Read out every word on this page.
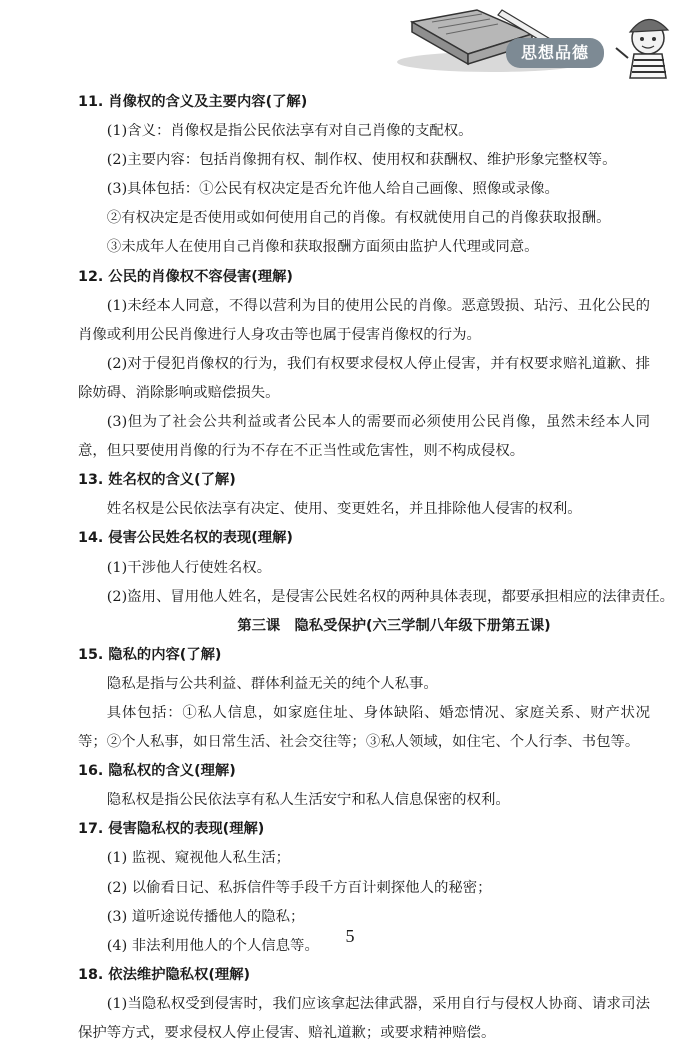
思想品德
11. 肖像权的含义及主要内容(了解)
(1)含义：肖像权是指公民依法享有对自己肖像的支配权。
(2)主要内容：包括肖像拥有权、制作权、使用权和获酬权、维护形象完整权等。
(3)具体包括：①公民有权决定是否允许他人给自己画像、照像或录像。
②有权决定是否使用或如何使用自己的肖像。有权就使用自己的肖像获取报酬。
③未成年人在使用自己肖像和获取报酬方面须由监护人代理或同意。
12. 公民的肖像权不容侵害(理解)
(1)未经本人同意，不得以营利为目的使用公民的肖像。恶意毁损、玷污、丑化公民的肖像或利用公民肖像进行人身攻击等也属于侵害肖像权的行为。
(2)对于侵犯肖像权的行为，我们有权要求侵权人停止侵害，并有权要求赔礼道歉、排除妨碍、消除影响或赔偿损失。
(3)但为了社会公共利益或者公民本人的需要而必须使用公民肖像，虽然未经本人同意，但只要使用肖像的行为不存在不正当性或危害性，则不构成侵权。
13. 姓名权的含义(了解)
姓名权是公民依法享有决定、使用、变更姓名，并且排除他人侵害的权利。
14. 侵害公民姓名权的表现(理解)
(1)干涉他人行使姓名权。
(2)盗用、冒用他人姓名，是侵害公民姓名权的两种具体表现，都要承担相应的法律责任。
第三课　隐私受保护(六三学制八年级下册第五课)
15. 隐私的内容(了解)
隐私是指与公共利益、群体利益无关的纯个人私事。
具体包括：①私人信息，如家庭住址、身体缺陷、婚恋情况、家庭关系、财产状况等；②个人私事，如日常生活、社会交往等；③私人领域，如住宅、个人行李、书包等。
16. 隐私权的含义(理解)
隐私权是指公民依法享有私人生活安宁和私人信息保密的权利。
17. 侵害隐私权的表现(理解)
(1) 监视、窥视他人私生活；
(2) 以偷看日记、私拆信件等手段千方百计刺探他人的秘密；
(3) 道听途说传播他人的隐私；
(4) 非法利用他人的个人信息等。
18. 依法维护隐私权(理解)
(1)当隐私权受到侵害时，我们应该拿起法律武器，采用自行与侵权人协商、请求司法保护等方式，要求侵权人停止侵害、赔礼道歉；或要求精神赔偿。
5
